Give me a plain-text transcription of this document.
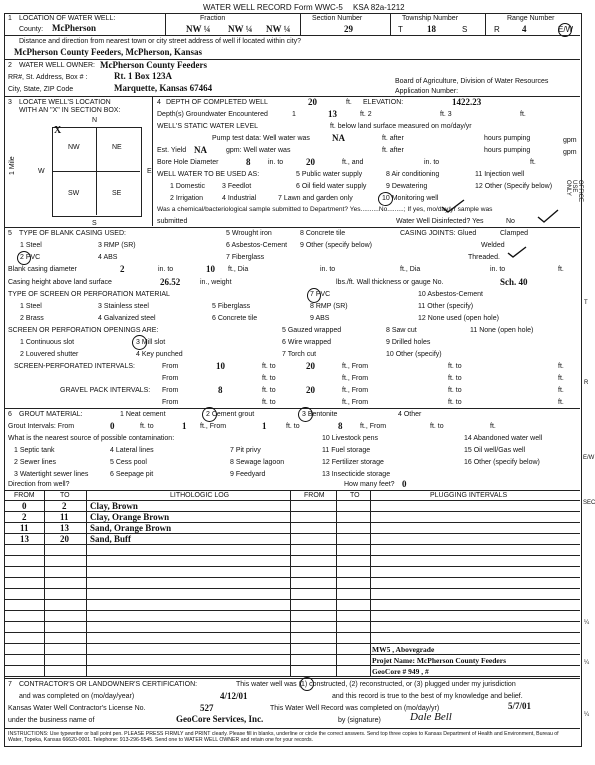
WATER WELL RECORD Form WWC-5 KSA 82a-1212
1 LOCATION OF WATER WELL:
County: McPherson
Fraction
NW ¼ NW ¼ NW ¼
Section Number
29
Township Number
T	18	S
Range Number
R 4	E/W
Distance and direction from nearest town or city street address of well if located within city?
McPherson County Feeders, McPherson, Kansas
2 WATER WELL OWNER: McPherson County Feeders
RR#, St. Address, Box # :	Rt. 1 Box 123A
City, State, ZIP Code	Marquette, Kansas 67464
Board of Agriculture, Division of Water Resources
Application Number:
3 LOCATE WELL'S LOCATION
WITH AN "X" IN SECTION BOX:
N
W	E
S
1 Mile
NW	NE
SW	SE
X
4 DEPTH OF COMPLETED WELL	20	ft. ELEVATION:	1422.23
Depth(s) Groundwater Encountered	1	13	ft. 2	ft. 3	ft.
WELL'S STATIC WATER LEVEL	ft. below land surface measured on mo/day/yr
Pump test data: Well water was NA	ft. after	hours pumping	gpm
Est. Yield NA	gpm: Well water was	ft. after	hours pumping	gpm
Bore Hole Diameter	8	in. to	20	ft., and	in. to	ft.
WELL WATER TO BE USED AS:	5 Public water supply	8 Air conditioning	11 Injection well
1 Domestic 3 Feedlot	6 Oil field water supply	9 Dewatering	12 Other (Specify below)
2 Irrigation	4 Industrial	7 Lawn and garden only	10 Monitoring well
Was a chemical/bacteriological sample submitted to Department? Yes..........No.........; If yes, mo/day/yr sample was
submitted	Water Well Disinfected? Yes	No
5 TYPE OF BLANK CASING USED:	5 Wrought iron	8 Concrete tile	CASING JOINTS: Glued	Clamped
1 Steel	3 RMP (SR)	6 Asbestos-Cement 9 Other (specify below)	Welded
2 PVC	4 ABS	7 Fiberglass	Threaded.
Blank casing diameter	2	in. to	10 ft., Dia	in. to	ft., Dia	in. to	ft.
Casing height above land surface	26.52	in., weight	lbs./ft. Wall thickness or gauge No.	Sch. 40
TYPE OF SCREEN OR PERFORATION MATERIAL	7 PVC	10 Asbestos-Cement
1 Steel	3 Stainless steel	5 Fiberglass	8 RMP (SR)	11 Other (specify)
2 Brass	4 Galvanized steel	6 Concrete tile	9 ABS	12 None used (open hole)
SCREEN OR PERFORATION OPENINGS ARE:	5 Gauzed wrapped	8 Saw cut	11 None (open hole)
1 Continuous slot	3 Mill slot	6 Wire wrapped	9 Drilled holes
2 Louvered shutter	4 Key punched	7 Torch cut	10 Other (specify)
SCREEN-PERFORATED INTERVALS:	From	10	ft. to	20	ft., From	ft. to	ft.
From	ft. to	ft., From	ft. to	ft.
GRAVEL PACK INTERVALS: From	8	ft. to	20	ft., From	ft. to	ft.
From	ft. to	ft., From	ft. to	ft.
6 GROUT MATERIAL:	1 Neat cement	2 Cement grout	3 Bentonite	4 Other
Grout Intervals: From	0	ft. to	1 ft., From	1	ft. to	8	ft., From	ft. to	ft.
What is the nearest source of possible contamination:
1 Septic tank	4 Lateral lines	7 Pit privy
10 Livestock pens
11 Fuel storage
12 Fertilizer storage
13 Insecticide storage
14 Abandoned water well
15 Oil well/Gas well
16 Other (specify below)
2 Sewer lines	5 Cess pool	8 Sewage lagoon
3 Watertight sewer lines	6 Seepage pit	9 Feedyard
Direction from well?	How many feet? 0
FROM	TO	LITHOLOGIC LOG	FROM	TO	PLUGGING INTERVALS
0	2	Clay, Brown
2	11 Clay, Orange Brown
11	13 Sand, Orange Brown
13	20 Sand, Buff
MW5 , Abovegrade
Projet Name: McPherson County Feeders
GeoCore # 949 , #
7 CONTRACTOR'S OR LANDOWNER'S CERTIFICATION:	This water well was (1) constructed, (2) reconstructed, or (3) plugged under my jurisdiction
and was completed on (mo/day/year)	4/12/01	and this record is true to the best of my knowledge and belief.
Kansas Water Well Contractor's License No.	527	This Water Well Record was completed on (mo/day/yr)	5/7/01
under the business name of	GeoCore Services, Inc.	by (signature)	Dale Bell
INSTRUCTIONS: Use typewriter or ball point pen. PLEASE PRESS FIRMLY and PRINT clearly. Please fill in blanks, underline or circle the correct answers. Send top three copies to Kansas Department of Health and Environment, Bureau of Water, Topeka, Kansas 66620-0001. Telephone: 913-296-5545. Send one to WATER WELL OWNER and retain one for your records.
OFFICE USE ONLY
T
R
E/W
SEC
¼
¼
¼
